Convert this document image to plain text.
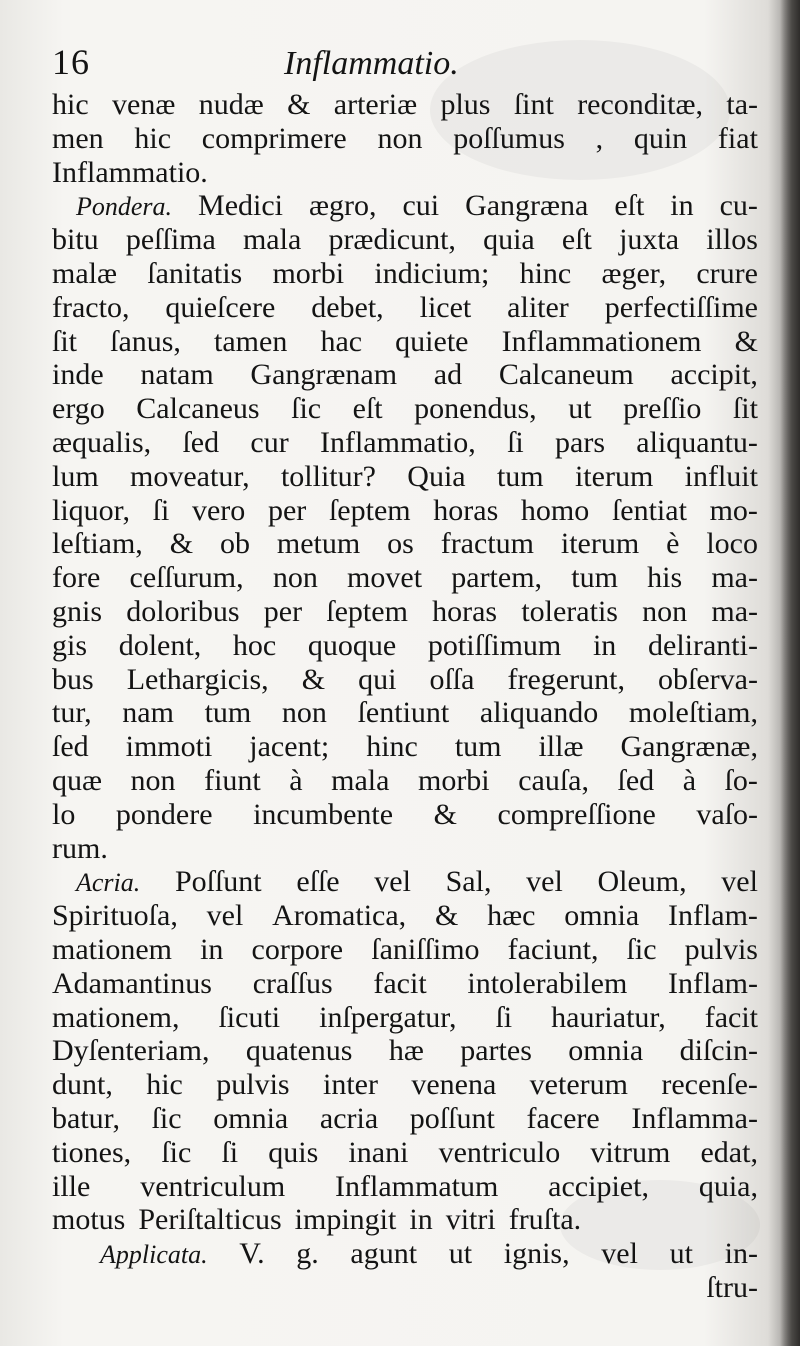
16	Inflammatio.
hic venæ nudæ & arteriæ plus ſint reconditæ, ta-
men hic comprimere non poſſumus , quin fiat
Inflammatio.
Pondera. Medici ægro, cui Gangræna eſt in cu-
bitu peſſima mala prædicunt, quia eſt juxta illos
malæ ſanitatis morbi indicium; hinc æger, crure
fracto, quieſcere debet, licet aliter perfectiſſime
ſit ſanus, tamen hac quiete Inflammationem &
inde natam Gangrænam ad Calcaneum accipit,
ergo Calcaneus ſic eſt ponendus, ut preſſio ſit
æqualis, ſed cur Inflammatio, ſi pars aliquantu-
lum moveatur, tollitur? Quia tum iterum influit
liquor, ſi vero per ſeptem horas homo ſentiat mo-
leſtiam, & ob metum os fractum iterum è loco
fore ceſſurum, non movet partem, tum his ma-
gnis doloribus per ſeptem horas toleratis non ma-
gis dolent, hoc quoque potiſſimum in deliranti-
bus Lethargicis, & qui oſſa fregerunt, obſerva-
tur, nam tum non ſentiunt aliquando moleſtiam,
ſed immoti jacent; hinc tum illæ Gangrænæ,
quæ non fiunt à mala morbi cauſa, ſed à ſo-
lo pondere incumbente & compreſſione vaſo-
rum.
Acria. Poſſunt eſſe vel Sal, vel Oleum, vel
Spirituoſa, vel Aromatica, & hæc omnia Inflam-
mationem in corpore ſaniſſimo faciunt, ſic pulvis
Adamantinus craſſus facit intolerabilem Inflam-
mationem, ſicuti inſpergatur, ſi hauriatur, facit
Dyſenteriam, quatenus hæ partes omnia diſcin-
dunt, hic pulvis inter venena veterum recenſe-
batur, ſic omnia acria poſſunt facere Inflamma-
tiones, ſic ſi quis inani ventriculo vitrum edat,
ille ventriculum Inflammatum accipiet, quia,
motus Periſtalticus impingit in vitri fruſta.
Applicata. V. g. agunt ut ignis, vel ut in-
ſtru-
